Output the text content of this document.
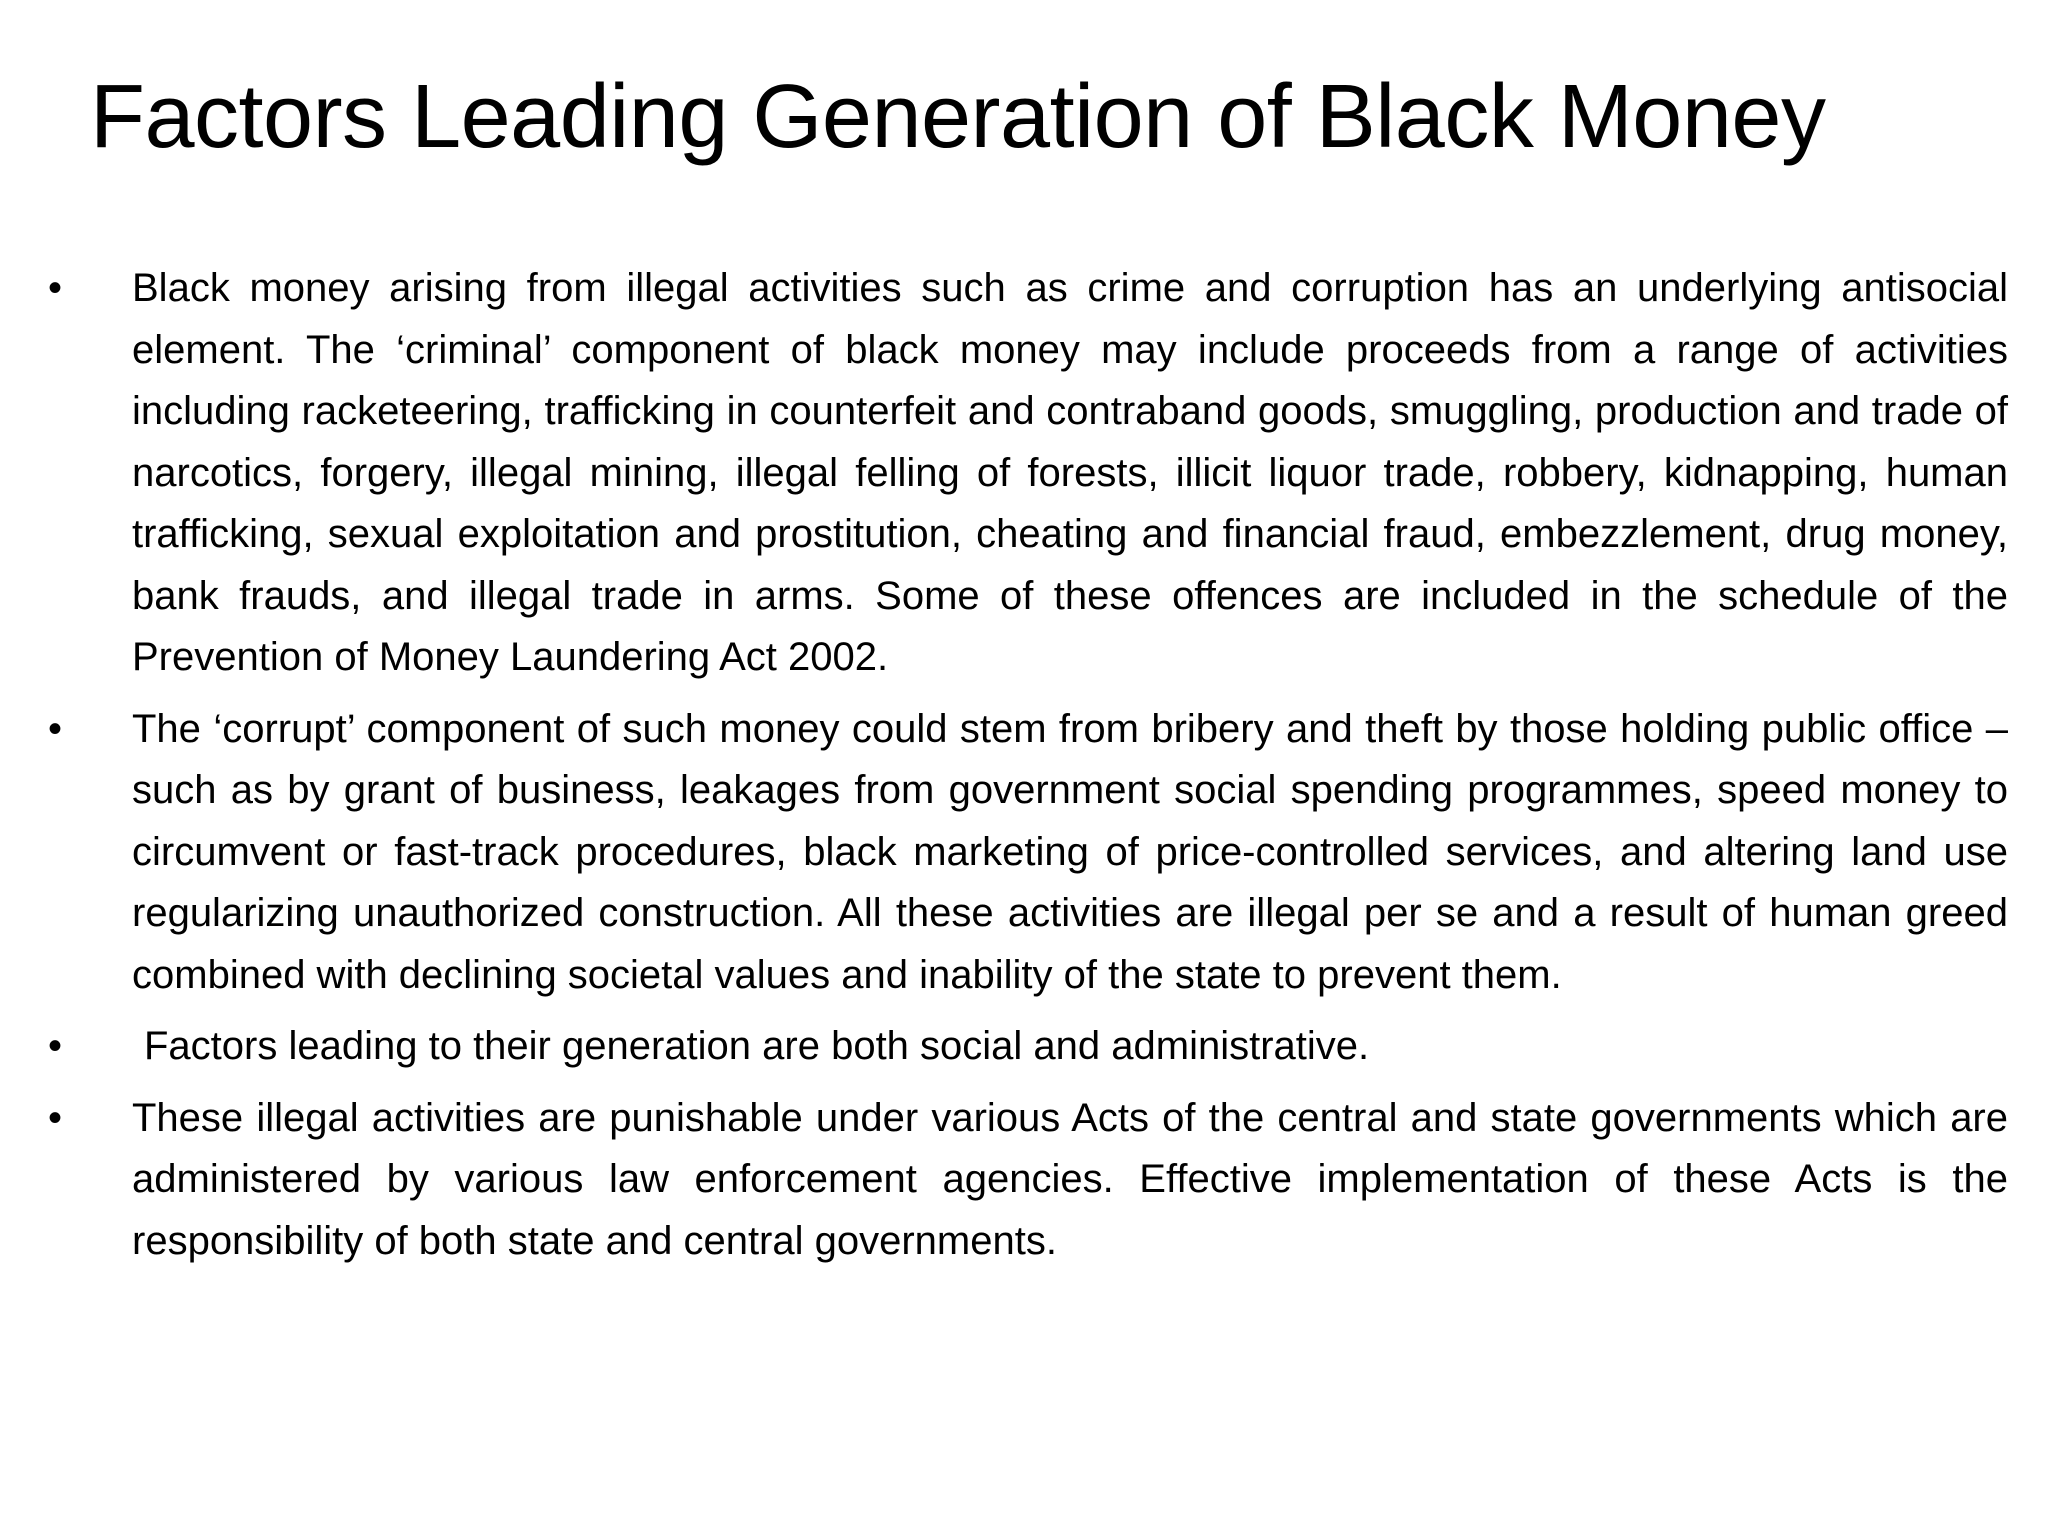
Factors Leading Generation of Black Money
•	Black money arising from illegal activities such as crime and corruption has an underlying antisocial element. The ‘criminal’ component of black money may include proceeds from a range of activities including racketeering, trafficking in counterfeit and contraband goods, smuggling, production and trade of narcotics, forgery, illegal mining, illegal felling of forests, illicit liquor trade, robbery, kidnapping, human trafficking, sexual exploitation and prostitution, cheating and financial fraud, embezzlement, drug money, bank frauds, and illegal trade in arms. Some of these offences are included in the schedule of the Prevention of Money Laundering Act 2002.
•	The ‘corrupt’ component of such money could stem from bribery and theft by those holding public office – such as by grant of business, leakages from government social spending programmes, speed money to circumvent or fast-track procedures, black marketing of price-controlled services, and altering land use regularizing unauthorized construction. All these activities are illegal per se and a result of human greed combined with declining societal values and inability of the state to prevent them.
•	Factors leading to their generation are both social and administrative.
•	These illegal activities are punishable under various Acts of the central and state governments which are administered by various law enforcement agencies. Effective implementation of these Acts is the responsibility of both state and central governments.
